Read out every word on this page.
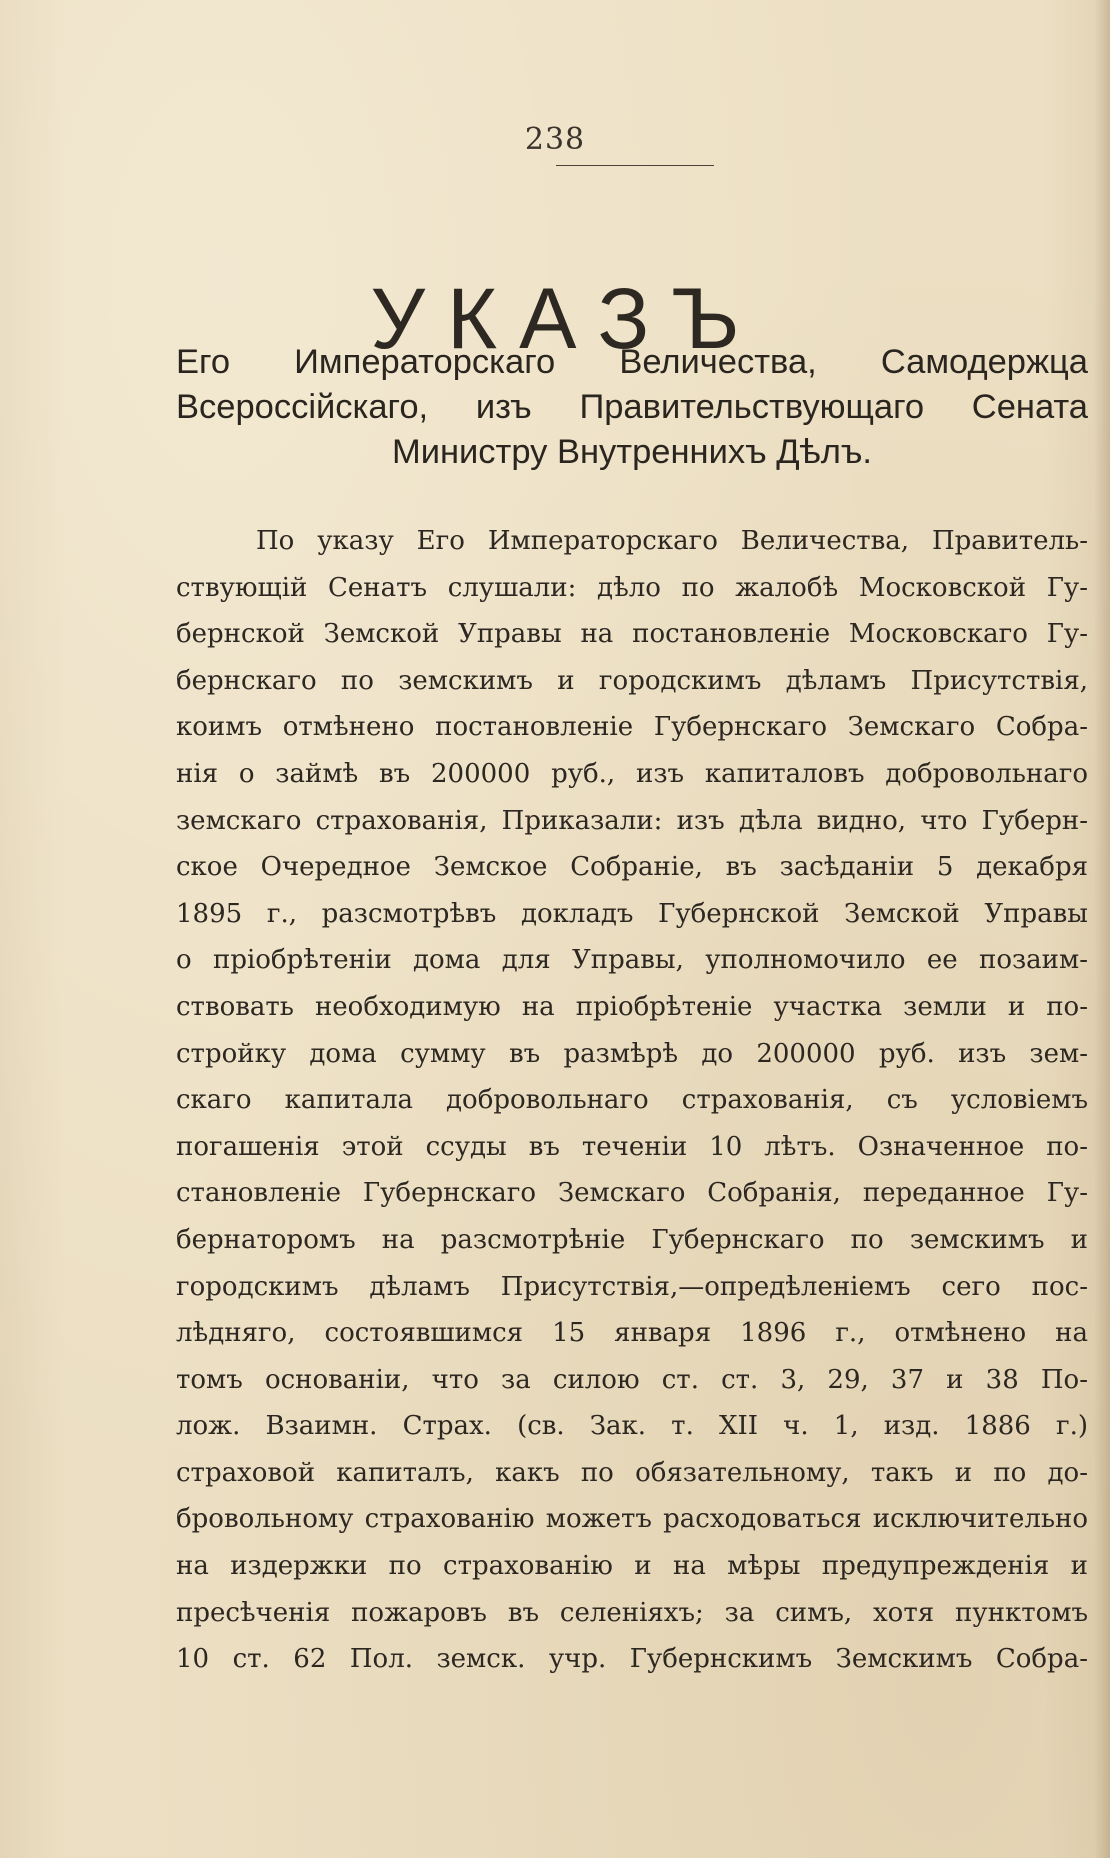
238
УКАЗЪ
Его Императорскаго Величества, Самодержца Всероссійскаго, изъ Правительствующаго Сената Министру Внутреннихъ Дѣлъ.
По указу Его Императорскаго Величества, Правитель-
ствующій Сенатъ слушали: дѣло по жалобѣ Московской Гу-
бернской Земской Управы на постановленіе Московскаго Гу-
бернскаго по земскимъ и городскимъ дѣламъ Присутствія,
коимъ отмѣнено постановленіе Губернскаго Земскаго Собра-
нія о займѣ въ 200000 руб., изъ капиталовъ добровольнаго
земскаго страхованія, Приказали: изъ дѣла видно, что Губерн-
ское Очередное Земское Собраніе, въ засѣданіи 5 декабря
1895 г., разсмотрѣвъ докладъ Губернской Земской Управы
о пріобрѣтеніи дома для Управы, уполномочило ее позаим-
ствовать необходимую на пріобрѣтеніе участка земли и по-
стройку дома сумму въ размѣрѣ до 200000 руб. изъ зем-
скаго капитала добровольнаго страхованія, съ условіемъ
погашенія этой ссуды въ теченіи 10 лѣтъ. Означенное по-
становленіе Губернскаго Земскаго Собранія, переданное Гу-
бернаторомъ на разсмотрѣніе Губернскаго по земскимъ и
городскимъ дѣламъ Присутствія,—опредѣленіемъ сего пос-
лѣдняго, состоявшимся 15 января 1896 г., отмѣнено на
томъ основаніи, что за силою ст. ст. 3, 29, 37 и 38 По-
лож. Взаимн. Страх. (св. Зак. т. XII ч. 1, изд. 1886 г.)
страховой капиталъ, какъ по обязательному, такъ и по до-
бровольному страхованію можетъ расходоваться исключительно
на издержки по страхованію и на мѣры предупрежденія и
пресѣченія пожаровъ въ селеніяхъ; за симъ, хотя пунктомъ
10 ст. 62 Пол. земск. учр. Губернскимъ Земскимъ Собра-
